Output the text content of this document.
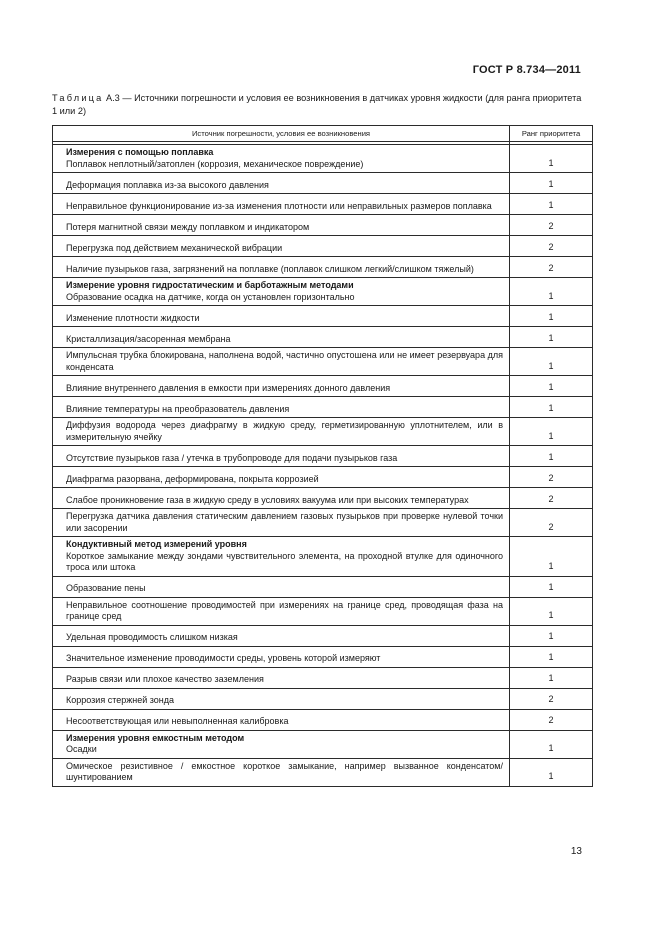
ГОСТ Р 8.734—2011
Таблица А.3 — Источники погрешности и условия ее возникновения в датчиках уровня жидкости (для ранга приоритета 1 или 2)
Источник погрешности, условия ее возникновения	Ранг приоритета

Измерения с помощью поплавка
Поплавок неплотный/затоплен (коррозия, механическое повреждение)	1
Деформация поплавка из-за высокого давления	1
Неправильное функционирование из-за изменения плотности или неправильных размеров поплавка	1
Потеря магнитной связи между поплавком и индикатором	2
Перегрузка под действием механической вибрации	2
Наличие пузырьков газа, загрязнений на поплавке (поплавок слишком легкий/слишком тяжелый)	2

Измерение уровня гидростатическим и барботажным методами
Образование осадка на датчике, когда он установлен горизонтально	1
Изменение плотности жидкости	1
Кристаллизация/засоренная мембрана	1
Импульсная трубка блокирована, наполнена водой, частично опустошена или не имеет резервуара для конденсата	1
Влияние внутреннего давления в емкости при измерениях донного давления	1
Влияние температуры на преобразователь давления	1
Диффузия водорода через диафрагму в жидкую среду, герметизированную уплотнителем, или в измерительную ячейку	1
Отсутствие пузырьков газа / утечка в трубопроводе для подачи пузырьков газа	1
Диафрагма разорвана, деформирована, покрыта коррозией	2
Слабое проникновение газа в жидкую среду в условиях вакуума или при высоких температурах	2
Перегрузка датчика давления статическим давлением газовых пузырьков при проверке нулевой точки или засорении	2

Кондуктивный метод измерений уровня
Короткое замыкание между зондами чувствительного элемента, на проходной втулке для одиночного троса или штока	1
Образование пены	1
Неправильное соотношение проводимостей при измерениях на границе сред, проводящая фаза на границе сред	1
Удельная проводимость слишком низкая	1
Значительное изменение проводимости среды, уровень которой измеряют	1
Разрыв связи или плохое качество заземления	1
Коррозия стержней зонда	2
Несоответствующая или невыполненная калибровка	2

Измерения уровня емкостным методом
Осадки	1
Омическое резистивное / емкостное короткое замыкание, например вызванное конденсатом/шунтированием	1
13
